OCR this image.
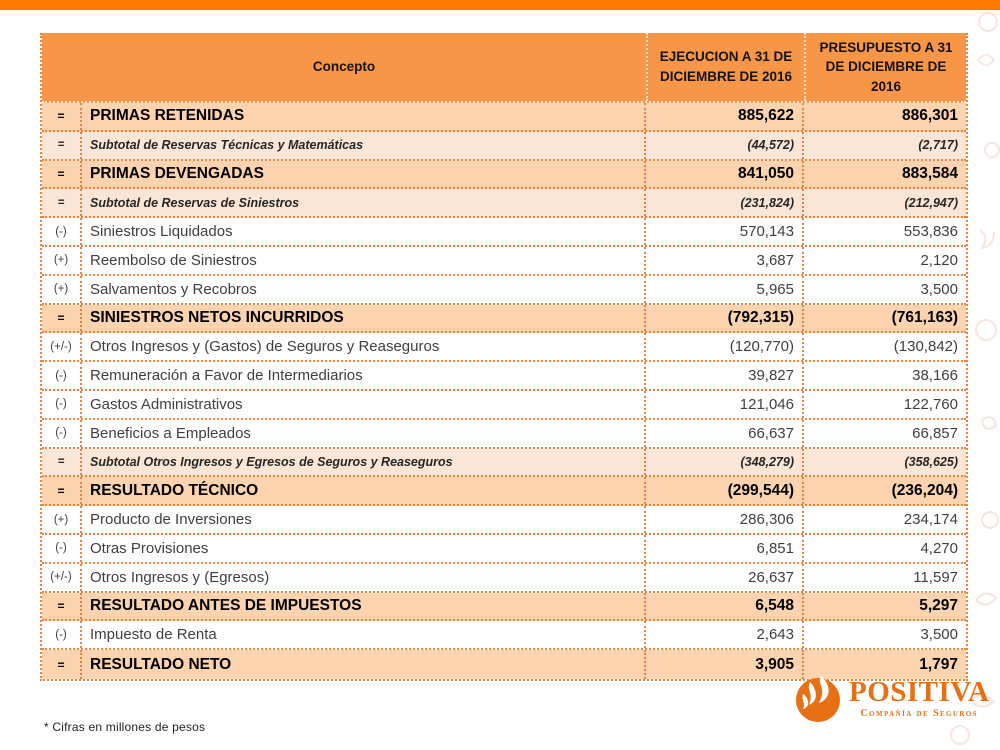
Concepto
EJECUCION A 31 DE DICIEMBRE DE 2016
PRESUPUESTO A 31 DE DICIEMBRE DE 2016
=	PRIMAS RETENIDAS	885,622	886,301
=	Subtotal de Reservas Técnicas y Matemáticas	(44,572)	(2,717)
=	PRIMAS DEVENGADAS	841,050	883,584
=	Subtotal de Reservas de Siniestros	(231,824)	(212,947)
(-)	Siniestros Liquidados	570,143	553,836
(+)	Reembolso de Siniestros	3,687	2,120
(+)	Salvamentos y Recobros	5,965	3,500
=	SINIESTROS NETOS INCURRIDOS	(792,315)	(761,163)
(+/-)	Otros Ingresos y (Gastos) de Seguros y Reaseguros	(120,770)	(130,842)
(-)	Remuneración a Favor de Intermediarios	39,827	38,166
(-)	Gastos Administrativos	121,046	122,760
(-)	Beneficios a Empleados	66,637	66,857
=	Subtotal Otros Ingresos y Egresos de Seguros y Reaseguros	(348,279)	(358,625)
=	RESULTADO TÉCNICO	(299,544)	(236,204)
(+)	Producto de Inversiones	286,306	234,174
(-)	Otras Provisiones	6,851	4,270
(+/-)	Otros Ingresos y (Egresos)	26,637	11,597
=	RESULTADO ANTES DE IMPUESTOS	6,548	5,297
(-)	Impuesto de Renta	2,643	3,500
=	RESULTADO NETO	3,905	1,797
* Cifras en millones de pesos
POSITIVA
Compañía de Seguros
